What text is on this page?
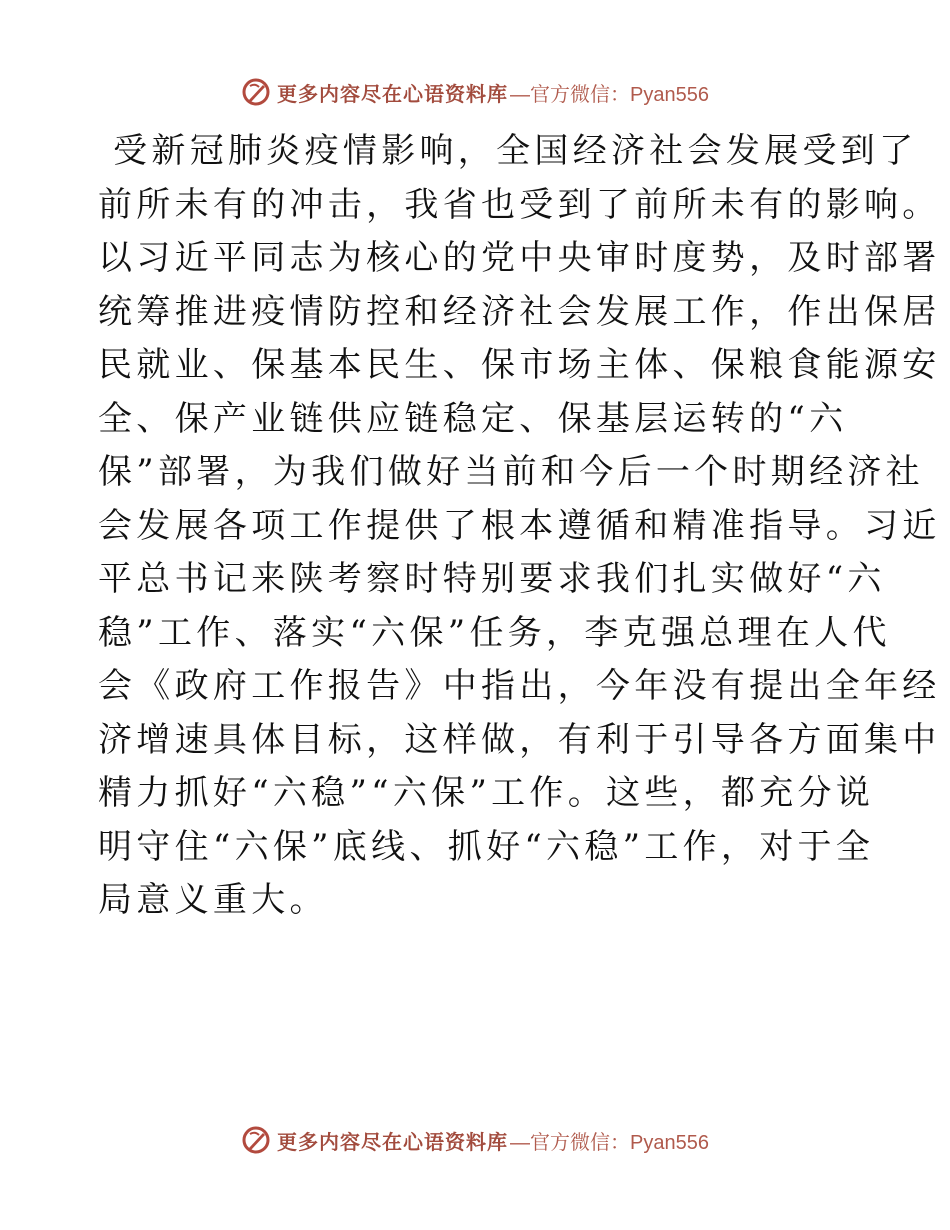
更多内容尽在心语资料库 —官方微信：Pyan556
受新冠肺炎疫情影响，全国经济社会发展受到了
前所未有的冲击，我省也受到了前所未有的影响。
以习近平同志为核心的党中央审时度势，及时部署
统筹推进疫情防控和经济社会发展工作，作出保居
民就业、保基本民生、保市场主体、保粮食能源安
全、保产业链供应链稳定、保基层运转的“六
保”部署，为我们做好当前和今后一个时期经济社
会发展各项工作提供了根本遵循和精准指导。习近
平总书记来陕考察时特别要求我们扎实做好“六
稳”工作、落实“六保”任务，李克强总理在人代
会《政府工作报告》中指出，今年没有提出全年经
济增速具体目标，这样做，有利于引导各方面集中
精力抓好“六稳”“六保”工作。这些，都充分说
明守住“六保”底线、抓好“六稳”工作，对于全
局意义重大。
更多内容尽在心语资料库 —官方微信：Pyan556
